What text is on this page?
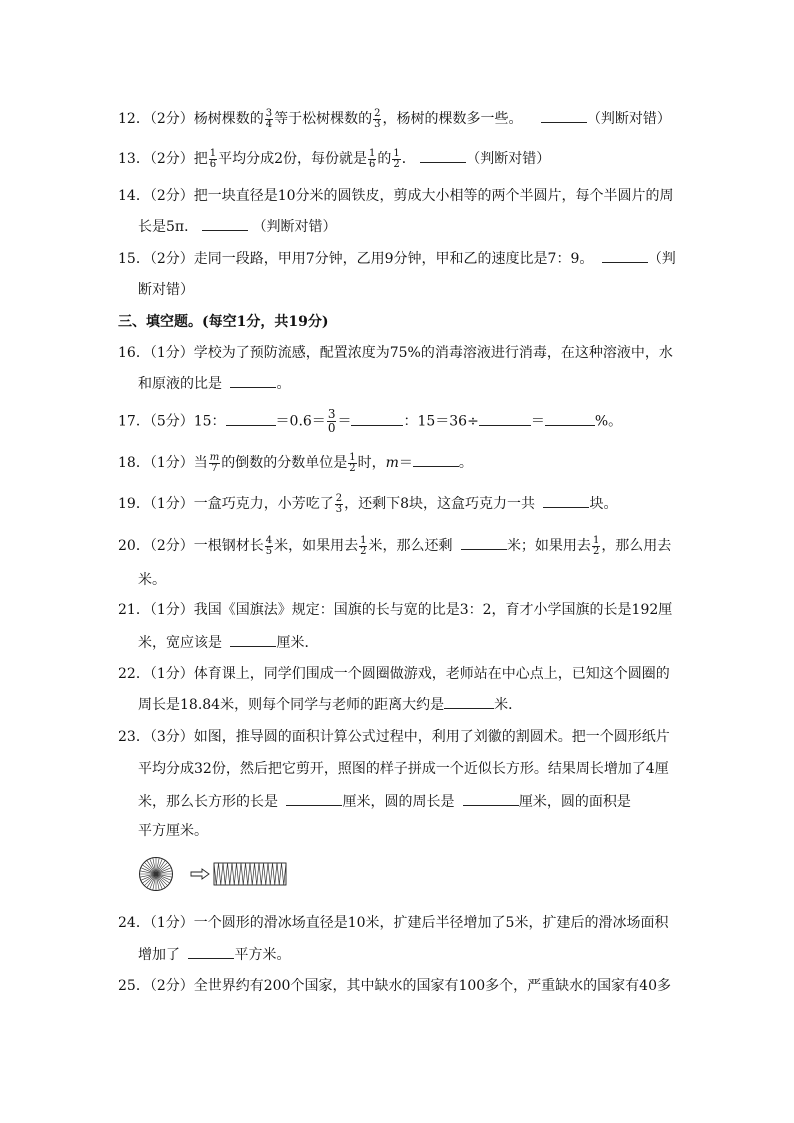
12．（2分）杨树棵数的 $\frac{3}{4}$ 等于松树棵数的 $\frac{2}{3}$ ，杨树的棵数多一些。	（判断对错）
13．（2分）把 $\frac{1}{6}$ 平均分成2份，每份就是 $\frac{1}{6}$ 的 $\frac{1}{2}$ ．	（判断对错）
14．（2分）把一块直径是10分米的圆铁皮，剪成大小相等的两个半圆片，每个半圆片的周
长是5π．	（判断对错）
15．（2分）走同一段路，甲用7分钟，乙用9分钟，甲和乙的速度比是7：9。	（判
断对错）
三、填空题。(每空1分，共19分)
16．（1分）学校为了预防流感，配置浓度为75%的消毒溶液进行消毒，在这种溶液中，水
和原液的比是	。
17．（5分）15：	$=0.6= \frac{3}{0}$ ＝	：15＝36÷	＝	%。
18．（1分）当 $\frac{m}{7}$ 的倒数的分数单位是 $\frac{1}{2}$ 时，m＝	。
19．（1分）一盒巧克力，小芳吃了 $\frac{2}{3}$ ，还剩下8块，这盒巧克力一共	块。
20．（2分）一根钢材长 $\frac{4}{5}$ 米，如果用去 $\frac{1}{2}$ 米，那么还剩	米；如果用去 $\frac{1}{2}$ ，那么用去
米。
21．（1分）我国《国旗法》规定：国旗的长与宽的比是3：2，育才小学国旗的长是192厘
米，宽应该是	厘米．
22．（1分）体育课上，同学们围成一个圆圈做游戏，老师站在中心点上，已知这个圆圈的
周长是18.84米，则每个同学与老师的距离大约是	米．
23．（3分）如图，推导圆的面积计算公式过程中，利用了刘徽的割圆术。把一个圆形纸片
平均分成32份，然后把它剪开，照图的样子拼成一个近似长方形。结果周长增加了4厘
米，那么长方形的长是	厘米，圆的周长是	厘米，圆的面积是
平方厘米。
24．（1分）一个圆形的滑冰场直径是10米，扩建后半径增加了5米，扩建后的滑冰场面积
增加了	平方米。
25．（2分）全世界约有200个国家，其中缺水的国家有100多个，严重缺水的国家有40多
